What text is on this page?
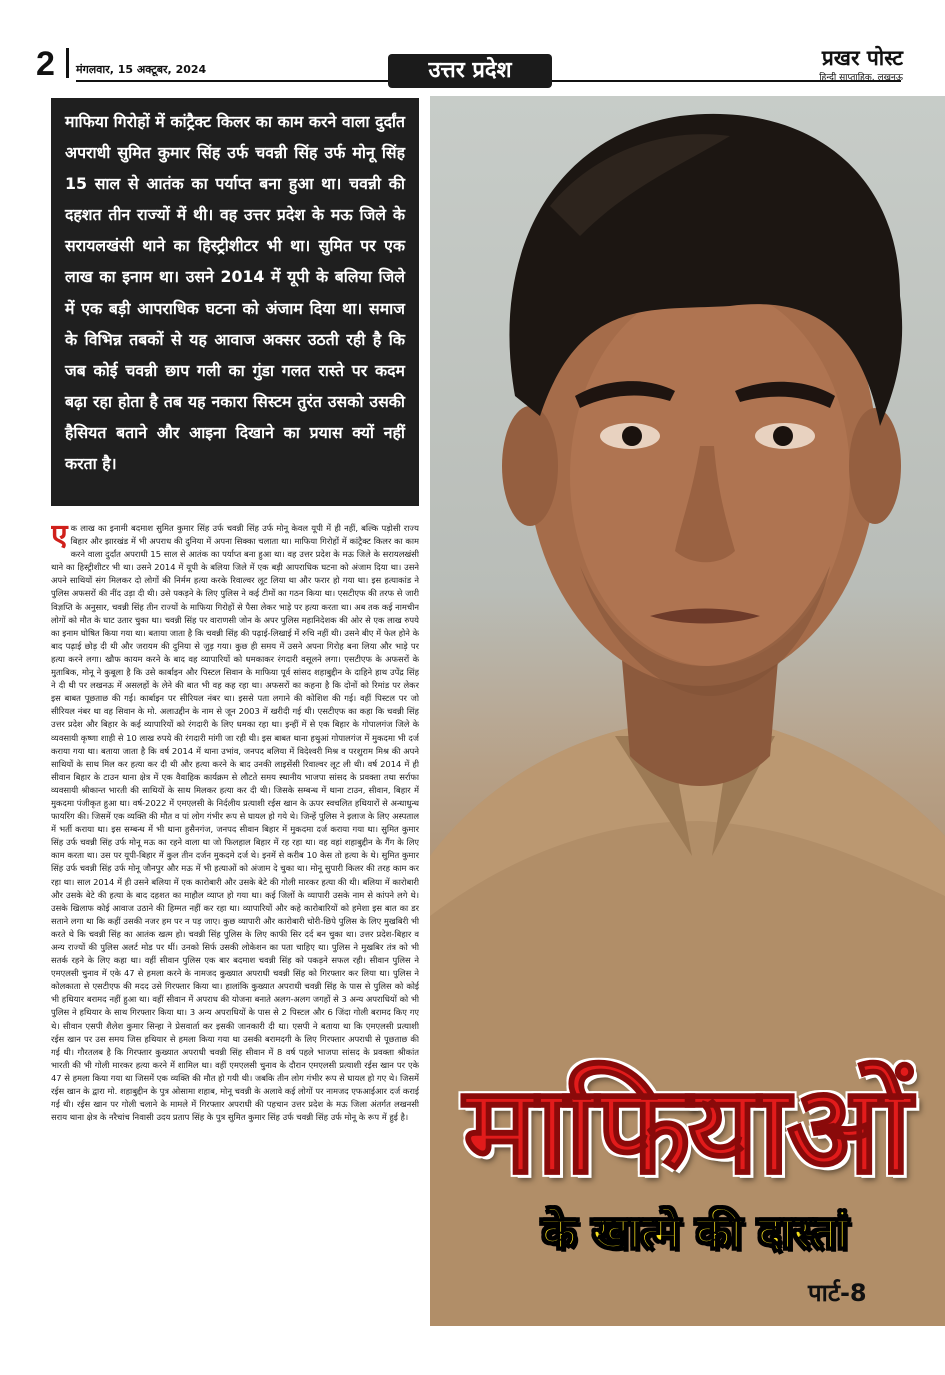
2 मंगलवार, 15 अक्टूबर, 2024	उत्तर प्रदेश	प्रखर पोस्ट
हिन्दी साप्ताहिक, लखनऊ
माफिया गिरोहों में कांट्रैक्ट किलर का काम करने वाला दुर्दांत अपराधी सुमित कुमार सिंह उर्फ चवन्नी सिंह उर्फ मोनू सिंह 15 साल से आतंक का पर्याप्त बना हुआ था। चवन्नी की दहशत तीन राज्यों में थी। वह उत्तर प्रदेश के मऊ जिले के सरायलखंसी थाने का हिस्ट्रीशीटर भी था। सुमित पर एक लाख का इनाम था। उसने 2014 में यूपी के बलिया जिले में एक बड़ी आपराधिक घटना को अंजाम दिया था। समाज के विभिन्न तबकों से यह आवाज अक्सर उठती रही है कि जब कोई चवन्नी छाप गली का गुंडा गलत रास्ते पर कदम बढ़ा रहा होता है तब यह नकारा सिस्टम तुरंत उसको उसकी हैसियत बताने और आइना दिखाने का प्रयास क्यों नहीं करता है।
एक लाख का इनामी बदमाश सुमित कुमार सिंह उर्फ चवन्नी सिंह उर्फ मोनू केवल यूपी में ही नहीं, बल्कि पड़ोसी राज्य बिहार और झारखंड में भी अपराध की दुनिया में अपना सिक्का चलाता था। माफिया गिरोहों में कांट्रैक्ट किलर का काम करने वाला दुर्दांत अपराधी 15 साल से आतंक का पर्याप्त बना हुआ था। वह उत्तर प्रदेश के मऊ जिले के सरायलखंसी थाने का हिस्ट्रीशीटर भी था। उसने 2014 में यूपी के बलिया जिले में एक बड़ी आपराधिक घटना को अंजाम दिया था। उसने अपने साथियों संग मिलकर दो लोगों की निर्मम हत्या करके रिवाल्वर लूट लिया था और फरार हो गया था। इस हत्याकांड ने पुलिस अफसरों की नींद उड़ा दी थी। उसे पकड़ने के लिए पुलिस ने कई टीमों का गठन किया था। एसटीएफ की तरफ से जारी विज्ञप्ति के अनुसार, चवन्नी सिंह तीन राज्यों के माफिया गिरोहों से पैसा लेकर भाड़े पर हत्या करता था। अब तक कई नामचीन लोगों को मौत के घाट उतार चुका था। चवन्नी सिंह पर वाराणसी जोन के अपर पुलिस महानिदेशक की ओर से एक लाख रुपये का इनाम घोषित किया गया था। बताया जाता है कि चवन्नी सिंह की पढ़ाई-लिखाई में रुचि नहीं थी। उसने बीए में फेल होने के बाद पढ़ाई छोड़ दी थी और जरायम की दुनिया से जुड़ गया। कुछ ही समय में उसने अपना गिरोह बना लिया और भाड़े पर हत्या करने लगा। खौफ कायम करने के बाद वह व्यापारियों को धमकाकर रंगदारी वसूलने लगा। एसटीएफ के अफसरों के मुताबिक, मोनू ने कुबूला है कि उसे कार्बाइन और पिस्टल सिवान के माफिया पूर्व सांसद शहाबुद्दीन के दाहिने हाथ उपेंद्र सिंह ने दी थी पर लखनऊ में असलहों के लेने की बात भी वह कह रहा था। अफसरों का कहना है कि दोनों को रिमांड पर लेकर इस बाबत पूछताछ की गई। कार्बाइन पर सीरियल नंबर था। इससे पता लगाने की कोशिश की गई। वहीं पिस्टल पर जो सीरियल नंबर था वह सिवान के मो. अलाउद्दीन के नाम से जून 2003 में खरीदी गई थी। एसटीएफ का कहा कि चवन्नी सिंह उत्तर प्रदेश और बिहार के कई व्यापारियों को रंगदारी के लिए धमका रहा था। इन्हीं में से एक बिहार के गोपालगंज जिले के व्यवसायी कृष्णा शाही से 10 लाख रुपये की रंगदारी मांगी जा रही थी। इस बाबत थाना हथुआं गोपालगंज में मुकदमा भी दर्ज कराया गया था। बताया जाता है कि वर्ष 2014 में थाना उभांव, जनपद बलिया में विदेश्वरी मिश्र व परशुराम मिश्र की अपने साथियों के साथ मिल कर हत्या कर दी थी और हत्या करने के बाद उनकी लाइसेंसी रिवाल्वर लूट ली थी। वर्ष 2014 में ही सीवान बिहार के टाउन थाना क्षेत्र में एक वैवाहिक कार्यक्रम से लौटते समय स्थानीय भाजपा सांसद के प्रवक्ता तथा सर्राफा व्यवसायी श्रीकान्त भारती की साथियों के साथ मिलकर हत्या कर दी थी। जिसके सम्बन्ध में थाना टाउन, सीवान, बिहार में मुकदमा पंजीकृत हुआ था। वर्ष-2022 में एमएलसी के निर्दलीय प्रत्याशी रईस खान के ऊपर स्वचलित हथियारों से अन्धाधुन्ध फायरिंग की। जिसमें एक व्यक्ति की मौत व पां लोग गंभीर रूप से घायल हो गये थे। जिन्हें पुलिस ने इलाज के लिए अस्पताल में भर्ती कराया था। इस सम्बन्ध में भी थाना हुसैनगंज, जनपद सीवान बिहार में मुकदमा दर्ज कराया गया था। सुमित कुमार सिंह उर्फ चवन्नी सिंह उर्फ मोनू मऊ का रहने वाला था जो फिलहाल बिहार में रह रहा था। वह वहां शहाबुद्दीन के गैंग के लिए काम करता था। उस पर यूपी-बिहार में कुल तीन दर्जन मुकदमे दर्ज थे। इनमें से करीब 10 केस तो हत्या के थे। सुमित कुमार सिंह उर्फ चवन्नी सिंह उर्फ मोनू जौनपुर और मऊ में भी हत्याओं को अंजाम दे चुका था। मोनू सुपारी किलर की तरह काम कर रहा था। साल 2014 में ही उसने बलिया में एक कारोबारी और उसके बेटे की गोली मारकर हत्या की थी। बलिया में कारोबारी और उसके बेटे की हत्या के बाद दहशत का माहौल व्याप्त हो गया था। कई जिलों के व्यापारी उसके नाम से कांपने लगे थे। उसके खिलाफ कोई आवाज उठाने की हिम्मत नहीं कर रहा था। व्यापारियों और कहे कारोबारियों को हमेशा इस बात का डर सताने लगा था कि कहीं उसकी नजर हम पर न पड़ जाए। कुछ व्यापारी और कारोबारी चोरी-छिपे पुलिस के लिए मुखबिरी भी करते थे कि चवन्नी सिंह का आतंक खत्म हो। चवन्नी सिंह पुलिस के लिए काफी सिर दर्द बन चुका था। उत्तर प्रदेश-बिहार व अन्य राज्यों की पुलिस अलर्ट मोड पर थीं। उनको सिर्फ उसकी लोकेशन का पता चाहिए था। पुलिस ने मुखबिर तंत्र को भी सतर्क रहने के लिए कहा था। वहीं सीवान पुलिस एक बार बदमाश चवन्नी सिंह को पकड़ने सफल रही। सीवान पुलिस ने एमएलसी चुनाव में एके 47 से हमला करने के नामजद कुख्यात अपराधी चवन्नी सिंह को गिरफ्तार कर लिया था। पुलिस ने कोलकाता से एसटीएफ की मदद उसे गिरफ्तार किया था। हालांकि कुख्यात अपराधी चवन्नी सिंह के पास से पुलिस को कोई भी हथियार बरामद नहीं हुआ था। वहीं सीवान में अपराध की योजना बनाते अलग-अलग जगहों से 3 अन्य अपराधियों को भी पुलिस ने हथियार के साथ गिरफ्तार किया था। 3 अन्य अपराधियों के पास से 2 पिस्टल और 6 जिंदा गोली बरामद किए गए थे। सीवान एसपी शैलेश कुमार सिन्हा ने प्रेसवार्ता कर इसकी जानकारी दी था। एसपी ने बताया था कि एमएलसी प्रत्याशी रईस खान पर उस समय जिस हथियार से हमला किया गया था उसकी बरामदगी के लिए गिरफ्तार अपराधी से पूछताछ की गई थी। गौरतलब है कि गिरफ्तार कुख्यात अपराधी चवन्नी सिंह सीवान में 8 वर्ष पहले भाजपा सांसद के प्रवक्ता श्रीकांत भारती की भी गोली मारकर हत्या करने में शामिल था। वहीं एमएलसी चुनाव के दौरान एमएलसी प्रत्याशी रईस खान पर एके 47 से हमला किया गया था जिसमें एक व्यक्ति की मौत हो गयी थी। जबकि तीन लोग गंभीर रूप से घायल हो गए थे। जिसमें रईस खान के द्वारा मो. शहाबुद्दीन के पुत्र ओसामा शहाब, मोनू चवन्नी के अलावे कई लोगों पर नामजद एफआईआर दर्ज कराई गई थी। रईस खान पर गोली चलाने के मामले में गिरफ्तार अपराधी की पहचान उत्तर प्रदेश के मऊ जिला अंतर्गत लखनसी सराय थाना क्षेत्र के नरैचांच निवासी उदय प्रताप सिंह के पुत्र सुमित कुमार सिंह उर्फ चवन्नी सिंह उर्फ मोनू के रूप में हुई है। माफियाओं
के खात्मे की दास्तां
पार्ट-8
